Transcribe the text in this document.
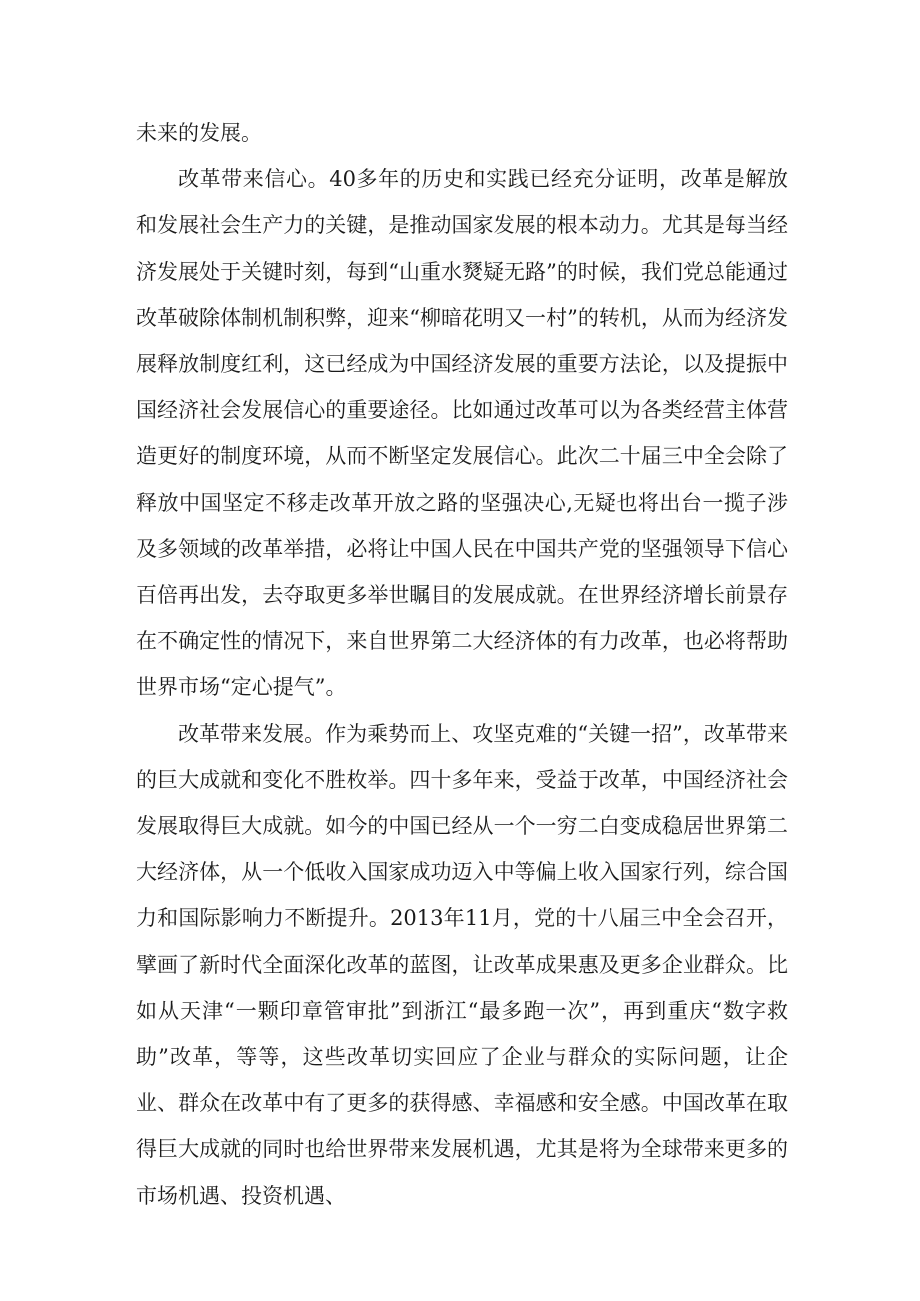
未来的发展。

改革带来信心。40多年的历史和实践已经充分证明，改革是解放和发展社会生产力的关键，是推动国家发展的根本动力。尤其是每当经济发展处于关键时刻，每到“山重水燹疑无路”的时候，我们党总能通过改革破除体制机制积弊，迎来“柳暗花明又一村”的转机，从而为经济发展释放制度红利，这已经成为中国经济发展的重要方法论，以及提振中国经济社会发展信心的重要途径。比如通过改革可以为各类经营主体营造更好的制度环境，从而不断坚定发展信心。此次二十届三中全会除了释放中国坚定不移走改革开放之路的坚强决心,无疑也将出台一揽子涉及多领域的改革举措，必将让中国人民在中国共产党的坚强领导下信心百倍再出发，去夺取更多举世瞩目的发展成就。在世界经济增长前景存在不确定性的情况下，来自世界第二大经济体的有力改革，也必将帮助世界市场“定心提气”。

改革带来发展。作为乘势而上、攻坚克难的“关键一招”，改革带来的巨大成就和变化不胜枚举。四十多年来，受益于改革，中国经济社会发展取得巨大成就。如今的中国已经从一个一穷二白变成稳居世界第二大经济体，从一个低收入国家成功迈入中等偏上收入国家行列，综合国力和国际影响力不断提升。2013年11月，党的十八届三中全会召开，擘画了新时代全面深化改革的蓝图，让改革成果惠及更多企业群众。比如从天津“一颗印章管审批”到浙江“最多跑一次”，再到重庆“数字救助”改革，等等，这些改革切实回应了企业与群众的实际问题，让企业、群众在改革中有了更多的获得感、幸福感和安全感。中国改革在取得巨大成就的同时也给世界带来发展机遇，尤其是将为全球带来更多的市场机遇、投资机遇、
